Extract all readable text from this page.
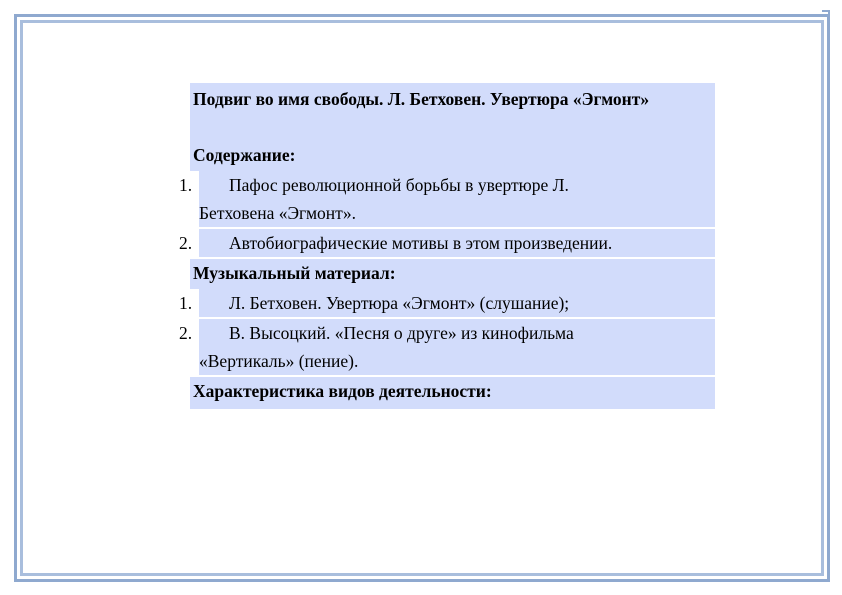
Подвиг во имя свободы. Л. Бетховен. Увертюра «Эгмонт»
Содержание:
1.	Пафос революционной борьбы в увертюре Л.
Бетховена «Эгмонт».
2.	Автобиографические мотивы в этом произведении.
Музыкальный материал:
1.	Л. Бетховен. Увертюра «Эгмонт» (слушание);
2.	В. Высоцкий. «Песня о друге» из кинофильма
«Вертикаль» (пение).
Характеристика видов деятельности:
